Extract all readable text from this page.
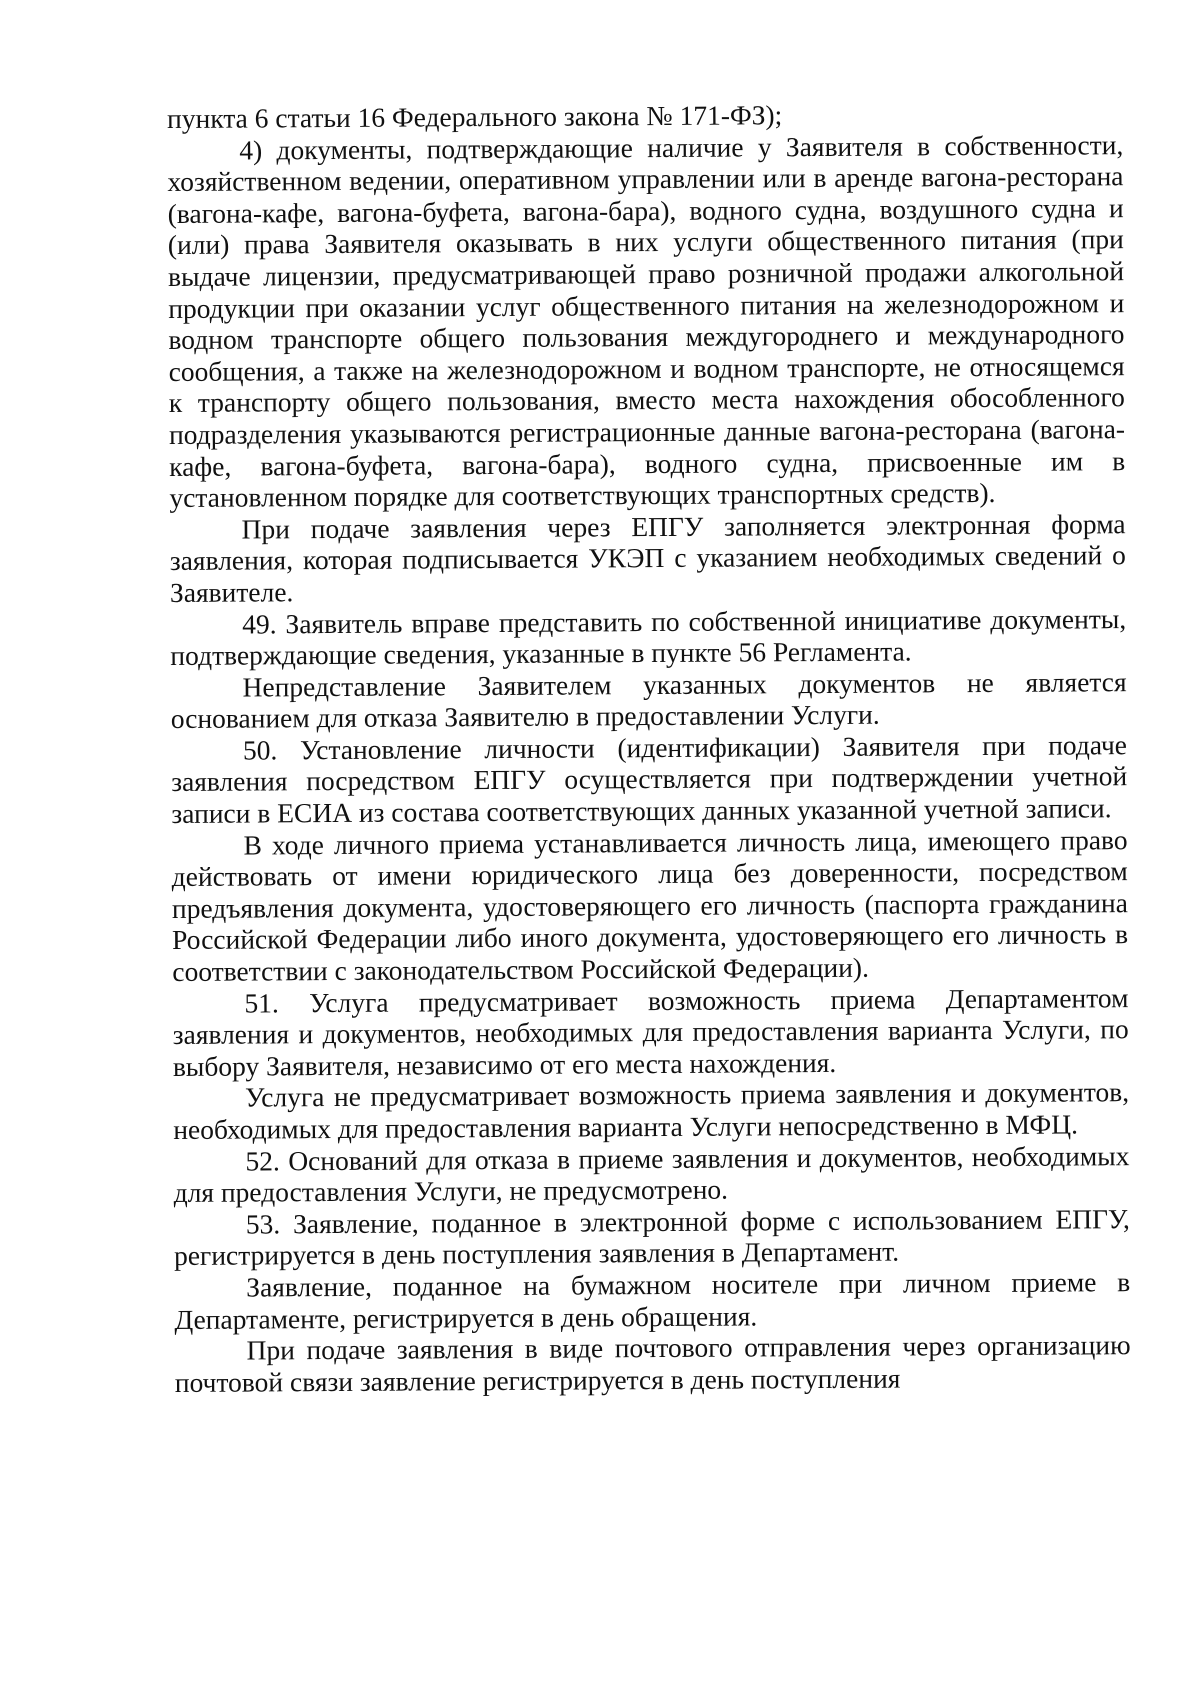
пункта 6 статьи 16 Федерального закона № 171-ФЗ);

4) документы, подтверждающие наличие у Заявителя в собственности, хозяйственном ведении, оперативном управлении или в аренде вагона-ресторана (вагона-кафе, вагона-буфета, вагона-бара), водного судна, воздушного судна и (или) права Заявителя оказывать в них услуги общественного питания (при выдаче лицензии, предусматривающей право розничной продажи алкогольной продукции при оказании услуг общественного питания на железнодорожном и водном транспорте общего пользования междугороднего и международного сообщения, а также на железнодорожном и водном транспорте, не относящемся к транспорту общего пользования, вместо места нахождения обособленного подразделения указываются регистрационные данные вагона-ресторана (вагона-кафе, вагона-буфета, вагона-бара), водного судна, присвоенные им в установленном порядке для соответствующих транспортных средств).

При подаче заявления через ЕПГУ заполняется электронная форма заявления, которая подписывается УКЭП с указанием необходимых сведений о Заявителе.

49. Заявитель вправе представить по собственной инициативе документы, подтверждающие сведения, указанные в пункте 56 Регламента.

Непредставление Заявителем указанных документов не является основанием для отказа Заявителю в предоставлении Услуги.

50. Установление личности (идентификации) Заявителя при подаче заявления посредством ЕПГУ осуществляется при подтверждении учетной записи в ЕСИА из состава соответствующих данных указанной учетной записи.

В ходе личного приема устанавливается личность лица, имеющего право действовать от имени юридического лица без доверенности, посредством предъявления документа, удостоверяющего его личность (паспорта гражданина Российской Федерации либо иного документа, удостоверяющего его личность в соответствии с законодательством Российской Федерации).

51. Услуга предусматривает возможность приема Департаментом заявления и документов, необходимых для предоставления варианта Услуги, по выбору Заявителя, независимо от его места нахождения.

Услуга не предусматривает возможность приема заявления и документов, необходимых для предоставления варианта Услуги непосредственно в МФЦ.

52. Оснований для отказа в приеме заявления и документов, необходимых для предоставления Услуги, не предусмотрено.

53. Заявление, поданное в электронной форме с использованием ЕПГУ, регистрируется в день поступления заявления в Департамент.

Заявление, поданное на бумажном носителе при личном приеме в Департаменте, регистрируется в день обращения.

При подаче заявления в виде почтового отправления через организацию почтовой связи заявление регистрируется в день поступления
